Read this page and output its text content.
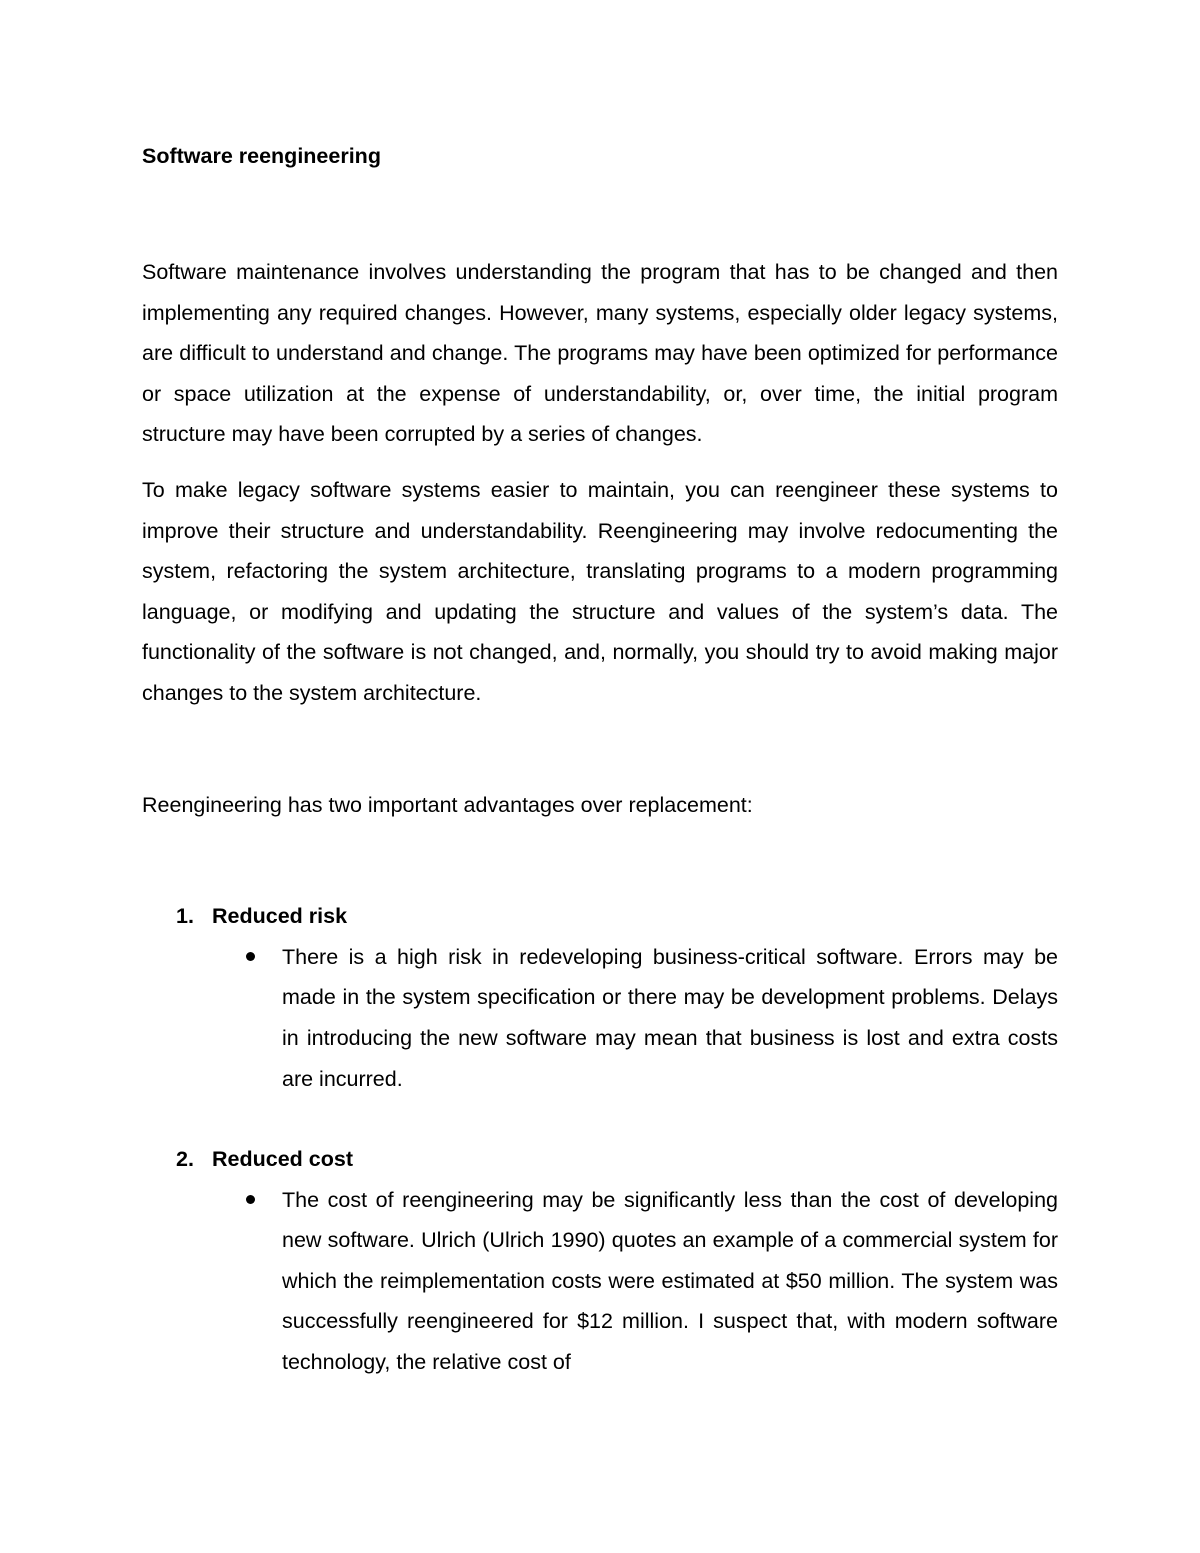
Software reengineering

Software maintenance involves understanding the program that has to be changed and then implementing any required changes. However, many systems, especially older legacy systems, are difficult to understand and change. The programs may have been optimized for performance or space utilization at the expense of understandability, or, over time, the initial program structure may have been corrupted by a series of changes.

To make legacy software systems easier to maintain, you can reengineer these systems to improve their structure and understandability. Reengineering may involve redocumenting the system, refactoring the system architecture, translating programs to a modern programming language, or modifying and updating the structure and values of the system’s data. The functionality of the software is not changed, and, normally, you should try to avoid making major changes to the system architecture.

Reengineering has two important advantages over replacement:

1. Reduced risk

There is a high risk in redeveloping business-critical software. Errors may be made in the system specification or there may be development problems. Delays in introducing the new software may mean that business is lost and extra costs are incurred.
2. Reduced cost

The cost of reengineering may be significantly less than the cost of developing new software. Ulrich (Ulrich 1990) quotes an example of a commercial system for which the reimplementation costs were estimated at $50 million. The system was successfully reengineered for $12 million. I suspect that, with modern software technology, the relative cost of
